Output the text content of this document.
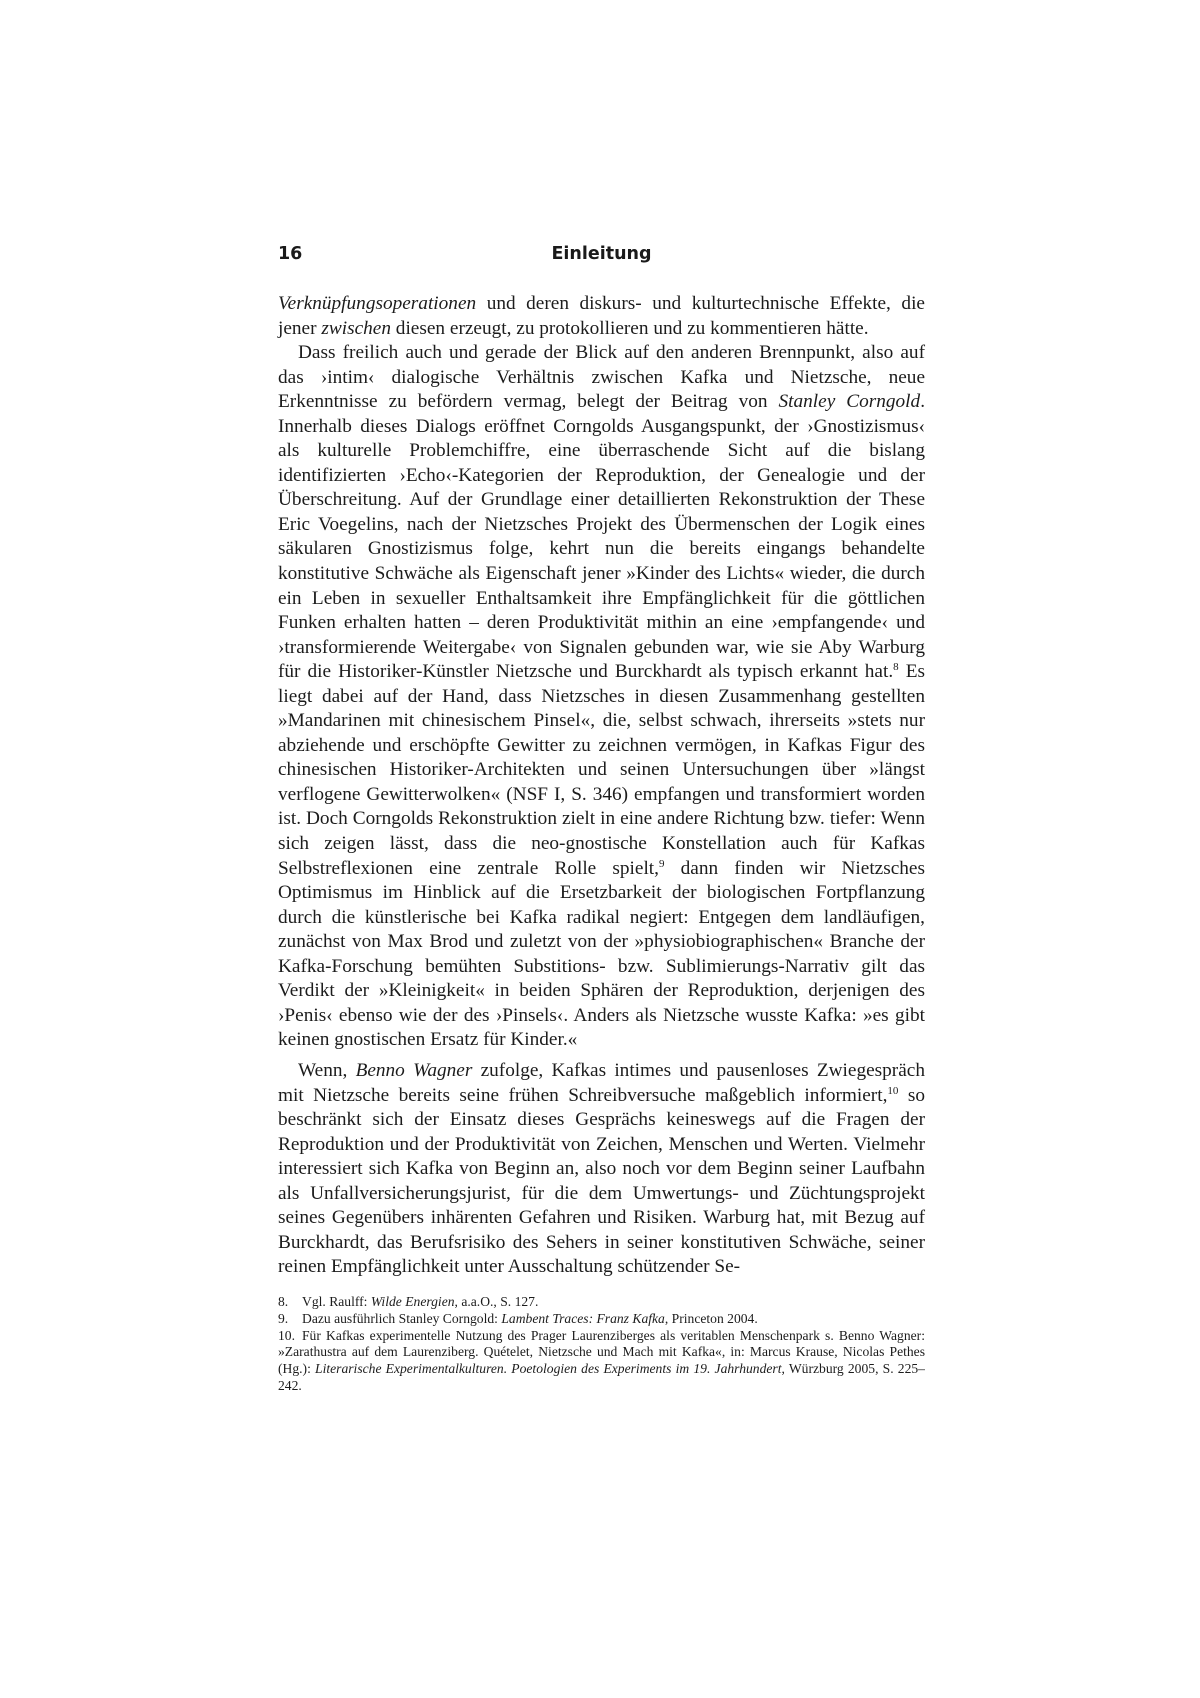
16	Einleitung

Verknüpfungsoperationen und deren diskurs- und kulturtechnische Effekte, die jener zwischen diesen erzeugt, zu protokollieren und zu kommentieren hätte.

Dass freilich auch und gerade der Blick auf den anderen Brennpunkt, also auf das ›intim‹ dialogische Verhältnis zwischen Kafka und Nietzsche, neue Erkenntnisse zu befördern vermag, belegt der Beitrag von Stanley Corngold. Innerhalb dieses Dialogs eröffnet Corngolds Ausgangspunkt, der ›Gnostizismus‹ als kulturelle Problemchiffre, eine überraschende Sicht auf die bislang identifizierten ›Echo‹-Kategorien der Reproduktion, der Genealogie und der Überschreitung. Auf der Grundlage einer detaillierten Rekonstruktion der These Eric Voegelins, nach der Nietzsches Projekt des Übermenschen der Logik eines säkularen Gnostizismus folge, kehrt nun die bereits eingangs behandelte konstitutive Schwäche als Eigenschaft jener »Kinder des Lichts« wieder, die durch ein Leben in sexueller Enthaltsamkeit ihre Empfänglichkeit für die göttlichen Funken erhalten hatten – deren Produktivität mithin an eine ›empfangende‹ und ›transformierende Weitergabe‹ von Signalen gebunden war, wie sie Aby Warburg für die Historiker-Künstler Nietzsche und Burckhardt als typisch erkannt hat.$^8$ Es liegt dabei auf der Hand, dass Nietzsches in diesen Zusammenhang gestellten »Mandarinen mit chinesischem Pinsel«, die, selbst schwach, ihrerseits »stets nur abziehende und erschöpfte Gewitter zu zeichnen vermögen, in Kafkas Figur des chinesischen Historiker-Architekten und seinen Untersuchungen über »längst verflogene Gewitterwolken« (NSF I, S. 346) empfangen und transformiert worden ist. Doch Corngolds Rekonstruktion zielt in eine andere Richtung bzw. tiefer: Wenn sich zeigen lässt, dass die neo-gnostische Konstellation auch für Kafkas Selbstreflexionen eine zentrale Rolle spielt,$^9$ dann finden wir Nietzsches Optimismus im Hinblick auf die Ersetzbarkeit der biologischen Fortpflanzung durch die künstlerische bei Kafka radikal negiert: Entgegen dem landläufigen, zunächst von Max Brod und zuletzt von der »physiobiographischen« Branche der Kafka-Forschung bemühten Substitions- bzw. Sublimierungs-Narrativ gilt das Verdikt der »Kleinigkeit« in beiden Sphären der Reproduktion, derjenigen des ›Penis‹ ebenso wie der des ›Pinsels‹. Anders als Nietzsche wusste Kafka: »es gibt keinen gnostischen Ersatz für Kinder.«

Wenn, Benno Wagner zufolge, Kafkas intimes und pausenloses Zwiegespräch mit Nietzsche bereits seine frühen Schreibversuche maßgeblich informiert,$^{10}$ so beschränkt sich der Einsatz dieses Gesprächs keineswegs auf die Fragen der Reproduktion und der Produktivität von Zeichen, Menschen und Werten. Vielmehr interessiert sich Kafka von Beginn an, also noch vor dem Beginn seiner Laufbahn als Unfallversicherungsjurist, für die dem Umwertungs- und Züchtungsprojekt seines Gegenübers inhärenten Gefahren und Risiken. Warburg hat, mit Bezug auf Burckhardt, das Berufsrisiko des Sehers in seiner konstitutiven Schwäche, seiner reinen Empfänglichkeit unter Ausschaltung schützender Se-

8. Vgl. Raulff: Wilde Energien, a.a.O., S. 127.

9. Dazu ausführlich Stanley Corngold: Lambent Traces: Franz Kafka, Princeton 2004.

10. Für Kafkas experimentelle Nutzung des Prager Laurenziberges als veritablen Menschenpark s. Benno Wagner: »Zarathustra auf dem Laurenziberg. Quételet, Nietzsche und Mach mit Kafka«, in: Marcus Krause, Nicolas Pethes (Hg.): Literarische Experimentalkulturen. Poetologien des Experiments im 19. Jahrhundert, Würzburg 2005, S. 225–242.
